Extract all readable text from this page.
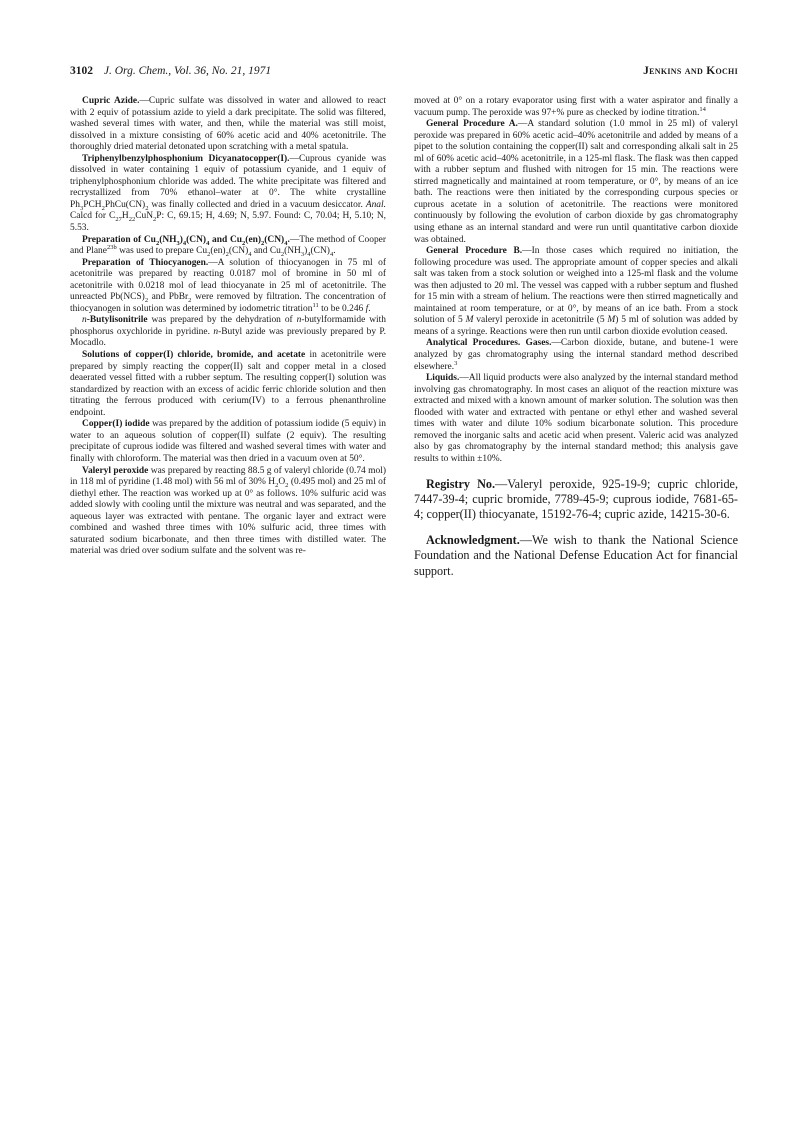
3102 J. Org. Chem., Vol. 36, No. 21, 1971	Jenkins and Kochi

Cupric Azide.—Cupric sulfate was dissolved in water and allowed to react with 2 equiv of potassium azide to yield a dark precipitate. The solid was filtered, washed several times with water, and then, while the material was still moist, dissolved in a mixture consisting of 60% acetic acid and 40% acetonitrile. The thoroughly dried material detonated upon scratching with a metal spatula.

Triphenylbenzylphosphonium Dicyanatocopper(I).—Cuprous cyanide was dissolved in water containing 1 equiv of potassium cyanide, and 1 equiv of triphenylphosphonium chloride was added. The white precipitate was filtered and recrystallized from 70% ethanol–water at 0°. The white crystalline $Ph_3PCH_2PhCu(CN)_2$ was finally collected and dried in a vacuum desiccator. Anal. Calcd for $C_{27}H_{22}CuN_2P$: C, 69.15; H, 4.69; N, 5.97. Found: C, 70.04; H, 5.10; N, 5.53.

Preparation of $Cu_2(NH_3)_4(CN)_4$ and $Cu_2(en)_2(CN)_4.—The$ method of Cooper and Plane$^{23b}$ was used to prepare $Cu_2(en)_2(CN)_4$ and $Cu_2(NH_3)_4(CN)_4$.

Preparation of Thiocyanogen.—A solution of thiocyanogen in 75 ml of acetonitrile was prepared by reacting 0.0187 mol of bromine in 50 ml of acetonitrile with 0.0218 mol of lead thiocyanate in 25 ml of acetonitrile. The unreacted $Pb(NCS)_2$ and PbBr$_2$ were removed by filtration. The concentration of thiocyanogen in solution was determined by iodometric titration$^{11}$ to be 0.246 f.

n-Butylisonitrile was prepared by the dehydration of n-butylformamide with phosphorus oxychloride in pyridine. n-Butyl azide was previously prepared by P. Mocadlo.

Solutions of copper(I) chloride, bromide, and acetate in acetonitrile were prepared by simply reacting the copper(II) salt and copper metal in a closed deaerated vessel fitted with a rubber septum. The resulting copper(I) solution was standardized by reaction with an excess of acidic ferric chloride solution and then titrating the ferrous produced with cerium(IV) to a ferrous phenanthroline endpoint.

Copper(I) iodide was prepared by the addition of potassium iodide (5 equiv) in water to an aqueous solution of copper(II) sulfate (2 equiv). The resulting precipitate of cuprous iodide was filtered and washed several times with water and finally with chloroform. The material was then dried in a vacuum oven at 50°.

Valeryl peroxide was prepared by reacting 88.5 g of valeryl chloride (0.74 mol) in 118 ml of pyridine (1.48 mol) with 56 ml of 30% $H_2O_2$ (0.495 mol) and 25 ml of diethyl ether. The reaction was worked up at 0° as follows. 10% sulfuric acid was added slowly with cooling until the mixture was neutral and was separated, and the aqueous layer was extracted with pentane. The organic layer and extract were combined and washed three times with 10% sulfuric acid, three times with saturated sodium bicarbonate, and then three times with distilled water. The material was dried over sodium sulfate and the solvent was re-

moved at 0° on a rotary evaporator using first with a water aspirator and finally a vacuum pump. The peroxide was 97+% pure as checked by iodine titration.$^{14}$

General Procedure A.—A standard solution (1.0 mmol in 25 ml) of valeryl peroxide was prepared in 60% acetic acid–40% acetonitrile and added by means of a pipet to the solution containing the copper(II) salt and corresponding alkali salt in 25 ml of 60% acetic acid–40% acetonitrile, in a 125-ml flask. The flask was then capped with a rubber septum and flushed with nitrogen for 15 min. The reactions were stirred magnetically and maintained at room temperature, or 0°, by means of an ice bath. The reactions were then initiated by the corresponding curpous species or cuprous acetate in a solution of acetonitrile. The reactions were monitored continuously by following the evolution of carbon dioxide by gas chromatography using ethane as an internal standard and were run until quantitative carbon dioxide was obtained.

General Procedure B.—In those cases which required no initiation, the following procedure was used. The appropriate amount of copper species and alkali salt was taken from a stock solution or weighed into a 125-ml flask and the volume was then adjusted to 20 ml. The vessel was capped with a rubber septum and flushed for 15 min with a stream of helium. The reactions were then stirred magnetically and maintained at room temperature, or at 0°, by means of an ice bath. From a stock solution of 5 M valeryl peroxide in acetonitrile (5 M) 5 ml of solution was added by means of a syringe. Reactions were then run until carbon dioxide evolution ceased.

Analytical Procedures. Gases.—Carbon dioxide, butane, and butene-1 were analyzed by gas chromatography using the internal standard method described elsewhere.$^3$

Liquids.—All liquid products were also analyzed by the internal standard method involving gas chromatography. In most cases an aliquot of the reaction mixture was extracted and mixed with a known amount of marker solution. The solution was then flooded with water and extracted with pentane or ethyl ether and washed several times with water and dilute 10% sodium bicarbonate solution. This procedure removed the inorganic salts and acetic acid when present. Valeric acid was analyzed also by gas chromatography by the internal standard method; this analysis gave results to within ±10%.

Registry No.—Valeryl peroxide, 925-19-9; cupric chloride, 7447-39-4; cupric bromide, 7789-45-9; cuprous iodide, 7681-65-4; copper(II) thiocyanate, 15192-76-4; cupric azide, 14215-30-6.

Acknowledgment.—We wish to thank the National Science Foundation and the National Defense Education Act for financial support.
